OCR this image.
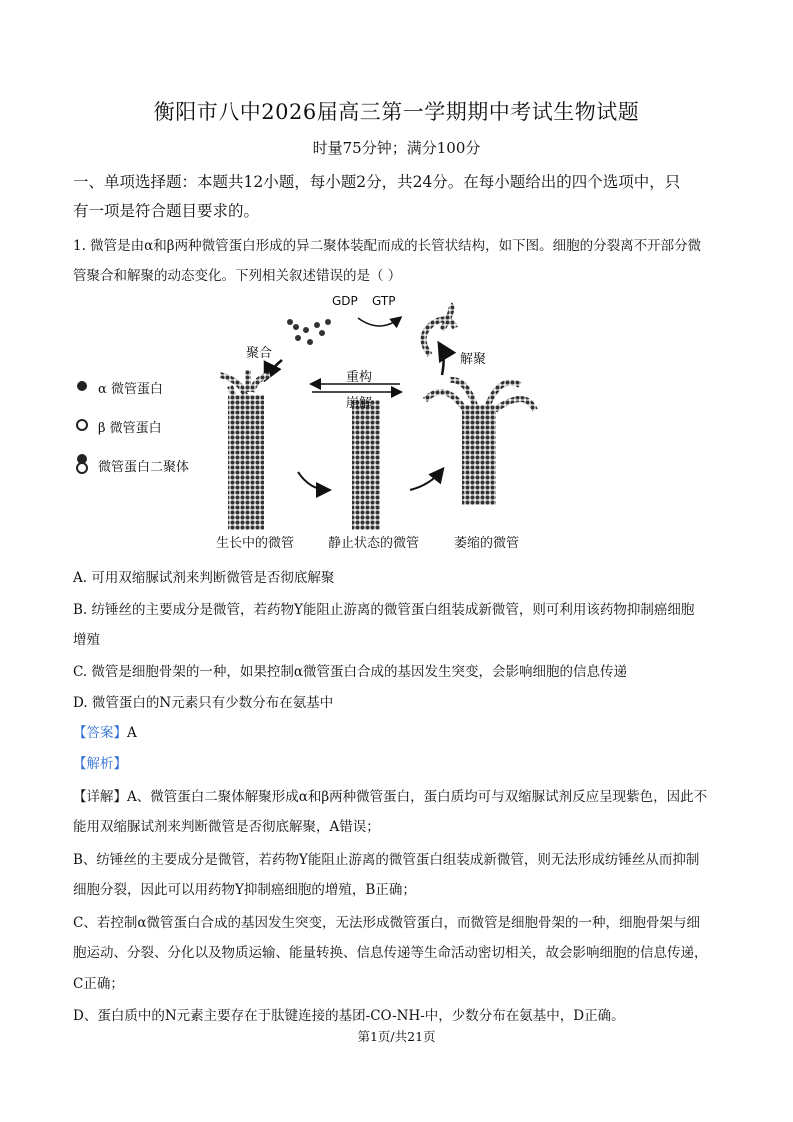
衡阳市八中2026届高三第一学期期中考试生物试题
时量75分钟；满分100分
一、单项选择题：本题共12小题，每小题2分，共24分。在每小题给出的四个选项中，只
有一项是符合题目要求的。
1. 微管是由α和β两种微管蛋白形成的异二聚体装配而成的长管状结构，如下图。细胞的分裂离不开部分微
管聚合和解聚的动态变化。下列相关叙述错误的是（ ）
GDP GTP
聚合	解聚
重构
崩解
α 微管蛋白
β 微管蛋白
微管蛋白二聚体
生长中的微管	静止状态的微管	萎缩的微管
A. 可用双缩脲试剂来判断微管是否彻底解聚
B. 纺锤丝的主要成分是微管，若药物Y能阻止游离的微管蛋白组装成新微管，则可利用该药物抑制癌细胞
增殖
C. 微管是细胞骨架的一种，如果控制α微管蛋白合成的基因发生突变，会影响细胞的信息传递
D. 微管蛋白的N元素只有少数分布在氨基中
【答案】A
【解析】
【详解】A、微管蛋白二聚体解聚形成α和β两种微管蛋白，蛋白质均可与双缩脲试剂反应呈现紫色，因此不
能用双缩脲试剂来判断微管是否彻底解聚，A错误；
B、纺锤丝的主要成分是微管，若药物Y能阻止游离的微管蛋白组装成新微管，则无法形成纺锤丝从而抑制
细胞分裂，因此可以用药物Y抑制癌细胞的增殖，B正确；
C、若控制α微管蛋白合成的基因发生突变，无法形成微管蛋白，而微管是细胞骨架的一种，细胞骨架与细
胞运动、分裂、分化以及物质运输、能量转换、信息传递等生命活动密切相关，故会影响细胞的信息传递，
C正确；
D、蛋白质中的N元素主要存在于肽键连接的基团-CO-NH-中，少数分布在氨基中，D正确。
第1页/共21页
